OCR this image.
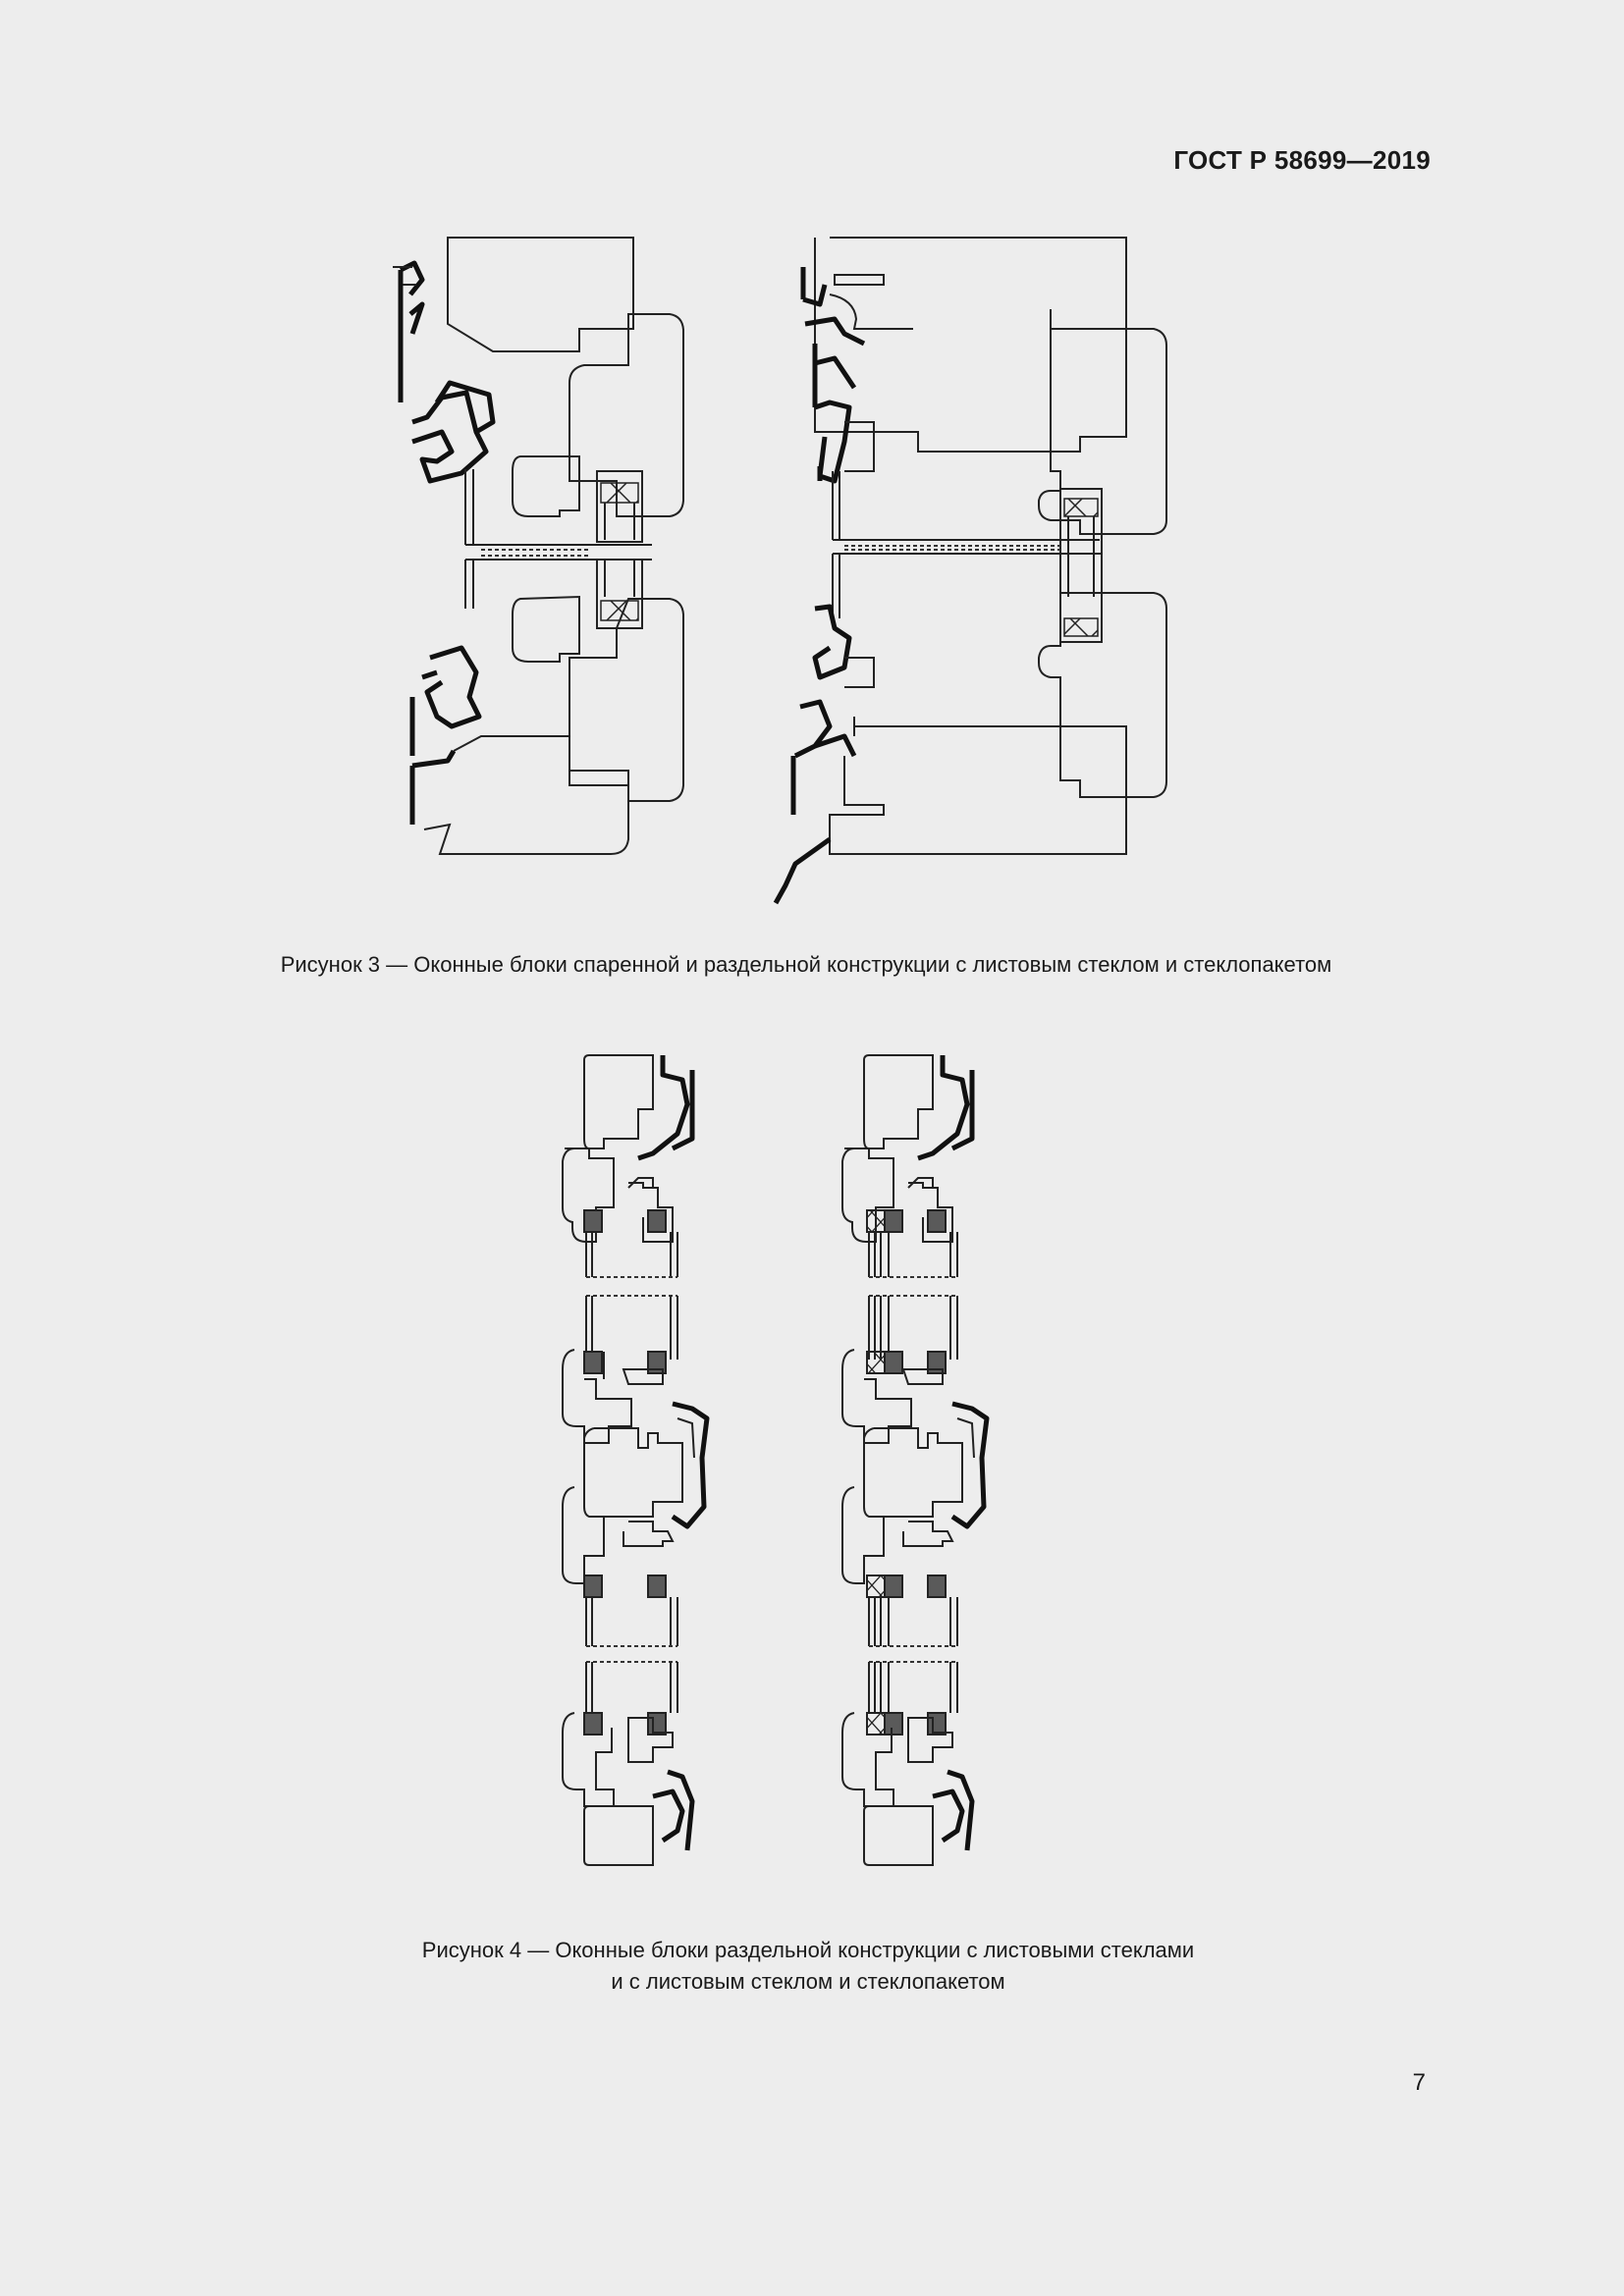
ГОСТ Р 58699—2019
Рисунок 3 — Оконные блоки спаренной и раздельной конструкции с листовым стеклом и стеклопакетом
Рисунок 4 — Оконные блоки раздельной конструкции с листовыми стеклами
и с листовым стеклом и стеклопакетом
7
